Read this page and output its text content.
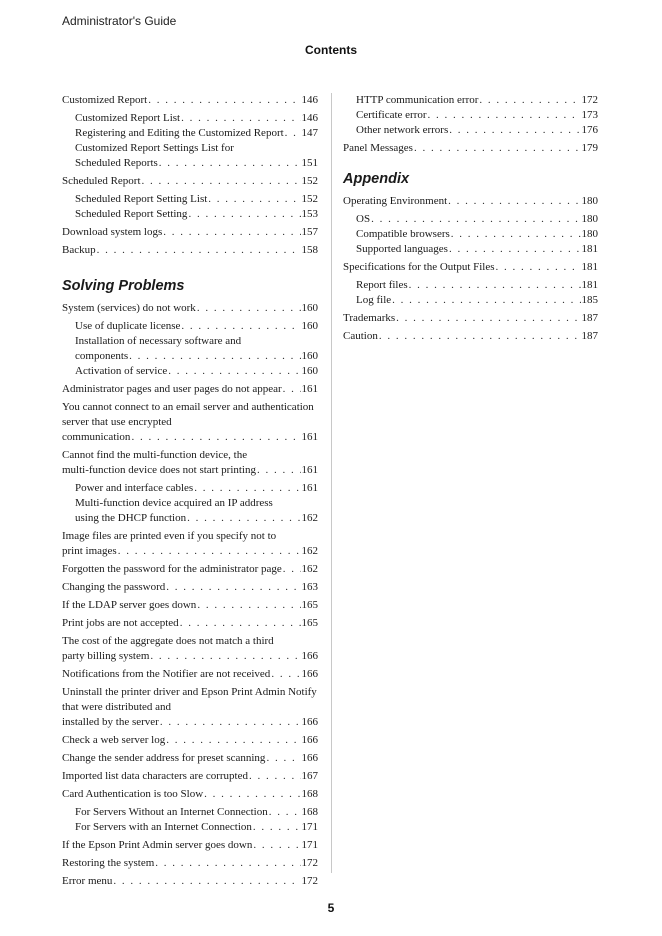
Administrator's Guide
Contents
Customized Report . . .	146
Customized Report List . . .	146
Registering and Editing the Customized Report . . . 147
Customized Report Settings List for
Scheduled Reports . . .	151
Scheduled Report . . .	152
Scheduled Report Setting List . . .	152
Scheduled Report Setting . . .	153
Download system logs . . .	157
Backup . . .	158
Solving Problems
System (services) do not work . . .	160
Use of duplicate license . . .	160
Installation of necessary software and
components . . .	160
Activation of service . . .	160
Administrator pages and user pages do not appear . . . 161
You cannot connect to an email server and authentication server that use encrypted
communication . . .	161
Cannot find the multi-function device, the
multi-function device does not start printing . . .	161
Power and interface cables . . .	161
Multi-function device acquired an IP address
using the DHCP function . . .	162
Image files are printed even if you specify not to
print images . . .	162
Forgotten the password for the administrator page . . . 162
Changing the password . . .	163
If the LDAP server goes down . . .	165
Print jobs are not accepted . . .	165
The cost of the aggregate does not match a third
party billing system . . .	166
Notifications from the Notifier are not received . . .	166
Uninstall the printer driver and Epson Print Admin Notify that were distributed and
installed by the server . . .	166
Check a web server log . . .	166
Change the sender address for preset scanning . . .	166
Imported list data characters are corrupted . . .	167
Card Authentication is too Slow . . .	168
For Servers Without an Internet Connection . . .	168
For Servers with an Internet Connection . . .	171
If the Epson Print Admin server goes down . . .	171
Restoring the system . . .	172
Error menu . . .	172
HTTP communication error . . .	172
Certificate error . . .	173
Other network errors . . .	176
Panel Messages . . .	179
Appendix
Operating Environment . . .	180
OS . . .	180
Compatible browsers . . .	180
Supported languages . . .	181
Specifications for the Output Files . . .	181
Report files . . .	181
Log file . . .	185
Trademarks . . .	187
Caution . . .	187
5
